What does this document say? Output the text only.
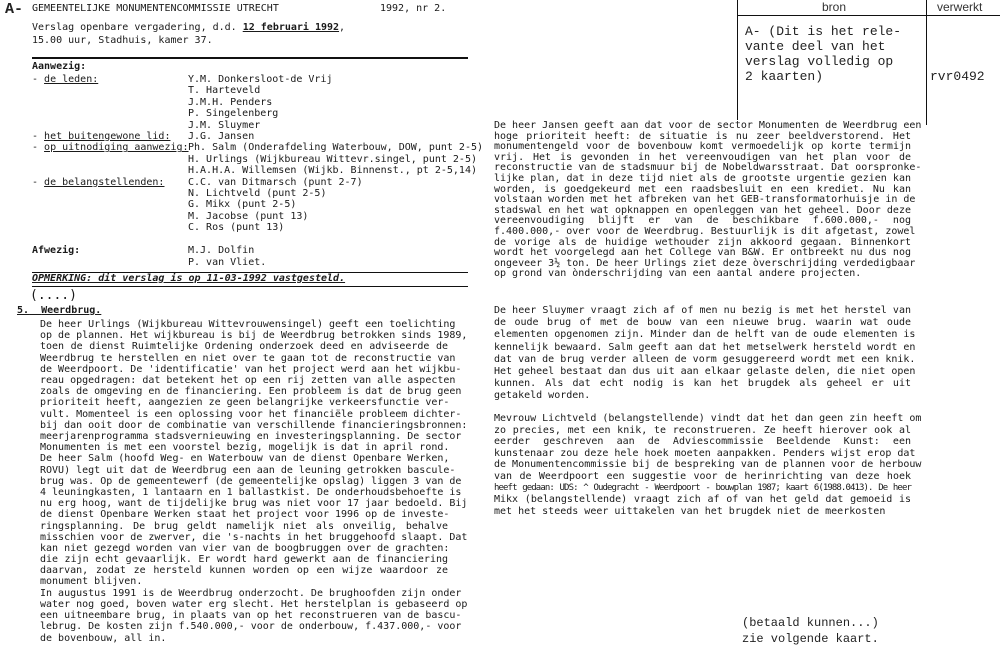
A- GEMEENTELIJKE MONUMENTENCOMMISSIE UTRECHT	1992, nr 2.
Verslag openbare vergadering, d.d. 12 februari 1992,
15.00 uur, Stadhuis, kamer 37.
Aanwezig:
- de leden:	Y.M. Donkersloot-de Vrij
T. Harteveld
J.M.H. Penders
P. Singelenberg
J.M. Sluymer
- het buitengewone lid: J.G. Jansen
- op uitnodiging aanwezig: Ph. Salm (Onderafdeling Waterbouw, DOW, punt 2-5)
H. Urlings (Wijkbureau Wittevr.singel, punt 2-5)
H.A.H.A. Willemsen (Wijkb. Binnenst., pt 2-5,14)
- de belangstellenden: C.C. van Ditmarsch (punt 2-7)
N. Lichtveld (punt 2-5)
G. Mikx (punt 2-5)
M. Jacobse (punt 13)
C. Ros (punt 13)
Afwezig:	M.J. Dolfin
P. van Vliet.
OPMERKING: dit verslag is op 11-03-1992 vastgesteld.
(....)
5. Weerdbrug.
De heer Urlings (Wijkbureau Wittevrouwensingel) geeft een toelichting
op de plannen. Het wijkbureau is bij de Weerdbrug betrokken sinds 1989,
toen de dienst Ruimtelijke Ordening onderzoek deed en adviseerde de
Weerdbrug te herstellen en niet over te gaan tot de reconstructie van
de Weerdpoort. De 'identificatie' van het project werd aan het wijkbu-
reau opgedragen: dat betekent het op een rij zetten van alle aspecten
zoals de omgeving en de financiering. Een probleem is dat de brug geen
prioriteit heeft, aangezien ze geen belangrijke verkeersfunctie ver-
vult. Momenteel is een oplossing voor het financiële probleem dichter-
bij dan ooit door de combinatie van verschillende financieringsbronnen:
meerjarenprogramma stadsvernieuwing en investeringsplanning. De sector
Monumenten is met een voorstel bezig, mogelijk is dat in april rond.
De heer Salm (hoofd Weg- en Waterbouw van de dienst Openbare Werken,
ROVU) legt uit dat de Weerdbrug een aan de leuning getrokken bascule-
brug was. Op de gemeentewerf (de gemeentelijke opslag) liggen 3 van de
4 leuningkasten, 1 lantaarn en 1 ballastkist. De onderhoudsbehoefte is
nu erg hoog, want de tijdelijke brug was niet voor 17 jaar bedoeld. Bij
de dienst Openbare Werken staat het project voor 1996 op de investe-
ringsplanning. De brug geldt namelijk niet als onveilig, behalve
misschien voor de zwerver, die 's-nachts in het bruggehoofd slaapt. Dat
kan niet gezegd worden van vier van de boogbruggen over de grachten:
die zijn echt gevaarlijk. Er wordt hard gewerkt aan de financiering
daarvan, zodat ze hersteld kunnen worden op een wijze waardoor ze
monument blijven.
In augustus 1991 is de Weerdbrug onderzocht. De brughoofden zijn onder
water nog goed, boven water erg slecht. Het herstelplan is gebaseerd op
een uitneembare brug, in plaats van op het reconstrueren van de bascu-
lebrug. De kosten zijn f.540.000,- voor de onderbouw, f.437.000,- voor
de bovenbouw, all in.
De heer Jansen geeft aan dat voor de sector Monumenten de Weerdbrug een
hoge prioriteit heeft: de situatie is nu zeer beeldverstorend. Het
monumentengeld voor de bovenbouw komt vermoedelijk op korte termijn
vrij. Het is gevonden in het vereenvoudigen van het plan voor de
reconstructie van de stadsmuur bij de Nobeldwarsstraat. Dat oorspronke-
lijke plan, dat in deze tijd niet als de grootste urgentie gezien kan
worden, is goedgekeurd met een raadsbesluit en een krediet. Nu kan
volstaan worden met het afbreken van het GEB-transformatorhuisje in de
stadswal en het wat opknappen en openleggen van het geheel. Door deze
vereenvoudiging blijft er van de beschikbare f.600.000,- nog
f.400.000,- over voor de Weerdbrug. Bestuurlijk is dit afgetast, zowel
de vorige als de huidige wethouder zijn akkoord gegaan. Binnenkort
wordt het voorgelegd aan het College van B&W. Er ontbreekt nu dus nog
ongeveer 3½ ton. De heer Urlings ziet deze òverschrijding verdedigbaar
op grond van ònderschrijding van een aantal andere projecten.
De heer Sluymer vraagt zich af of men nu bezig is met het herstel van
de oude brug of met de bouw van een nieuwe brug. waarin wat oude
elementen opgenomen zijn. Minder dan de helft van de oude elementen is
kennelijk bewaard. Salm geeft aan dat het metselwerk hersteld wordt en
dat van de brug verder alleen de vorm gesuggereerd wordt met een knik.
Het geheel bestaat dan dus uit aan elkaar gelaste delen, die niet open
kunnen. Als dat echt nodig is kan het brugdek als geheel er uit
getakeld worden.
Mevrouw Lichtveld (belangstellende) vindt dat het dan geen zin heeft om
zo precies, met een knik, te reconstrueren. Ze heeft hierover ook al
eerder geschreven aan de Adviescommissie Beeldende Kunst: een
kunstenaar zou deze hele hoek moeten aanpakken. Penders wijst erop dat
de Monumentencommissie bij de bespreking van de plannen voor de herbouw
van de Weerdpoort een suggestie voor de herinrichting van deze hoek
heeft gedaan: UDS: ^ Oudegracht - Weerdpoort - bouwplan 1987; kaart 6(1988.0413). De heer
Mikx (belangstellende) vraagt zich af of van het geld dat gemoeid is
met het steeds weer uittakelen van het brugdek niet de meerkosten
bron	verwerkt
A- (Dit is het rele-
vante deel van het
verslag volledig op
2 kaarten)	rvr0492
(betaald kunnen...)
zie volgende kaart.
